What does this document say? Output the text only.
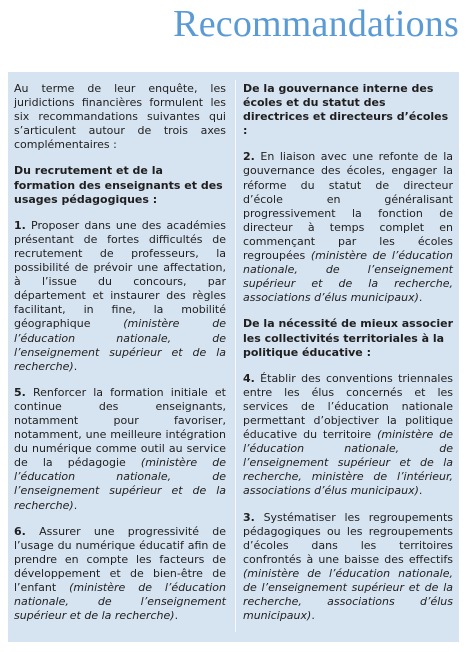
Recommandations

Au terme de leur enquête, les juridictions financières formulent les six recommandations suivantes qui s’articulent autour de trois axes complémentaires :

Du recrutement et de la formation des enseignants et des usages pédagogiques :

1. Proposer dans une des académies présentant de fortes difficultés de recrutement de professeurs, la possibilité de prévoir une affectation, à l’issue du concours, par département et instaurer des règles facilitant, in fine, la mobilité géographique (ministère de l’éducation nationale, de l’enseignement supérieur et de la recherche).

5. Renforcer la formation initiale et continue des enseignants, notamment pour favoriser, notamment, une meilleure intégration du numérique comme outil au service de la pédagogie (ministère de l’éducation nationale, de l’enseignement supérieur et de la recherche).

6. Assurer une progressivité de l’usage du numérique éducatif afin de prendre en compte les facteurs de développement et de bien-être de l’enfant (ministère de l’éducation nationale, de l’enseignement supérieur et de la recherche).

De la gouvernance interne des écoles et du statut des directrices et directeurs d’écoles :

2. En liaison avec une refonte de la gouvernance des écoles, engager la réforme du statut de directeur d’école en généralisant progressivement la fonction de directeur à temps complet en commençant par les écoles regroupées (ministère de l’éducation nationale, de l’enseignement supérieur et de la recherche, associations d’élus municipaux).

De la nécessité de mieux associer les collectivités territoriales à la politique éducative :

4. Établir des conventions triennales entre les élus concernés et les services de l’éducation nationale permettant d’objectiver la politique éducative du territoire (ministère de l’éducation nationale, de l’enseignement supérieur et de la recherche, ministère de l’intérieur, associations d’élus municipaux).

3. Systématiser les regroupements pédagogiques ou les regroupements d’écoles dans les territoires confrontés à une baisse des effectifs (ministère de l’éducation nationale, de l’enseignement supérieur et de la recherche, associations d’élus municipaux).
